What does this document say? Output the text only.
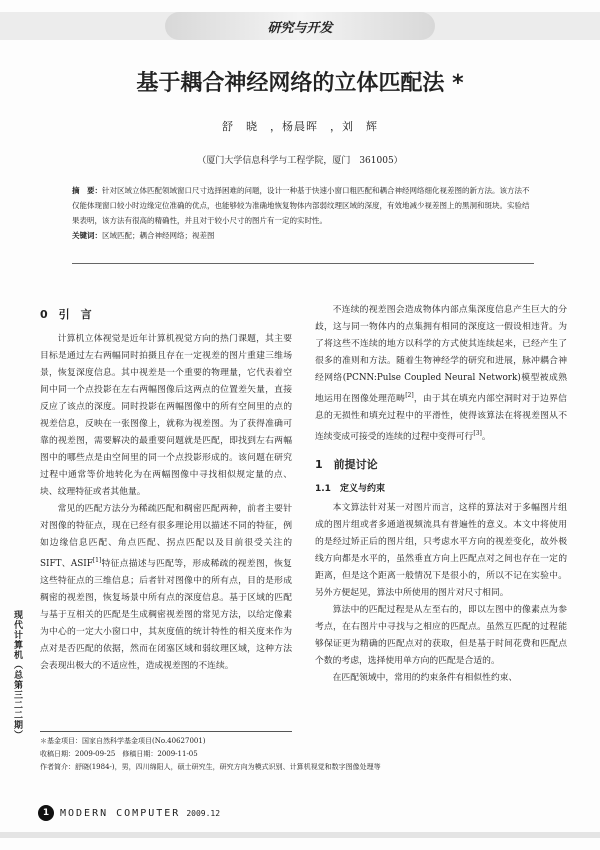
研究与开发
基于耦合神经网络的立体匹配法 *
舒　晓　，杨晨晖　，刘　辉
（厦门大学信息科学与工程学院，厦门　361005）
摘　要：针对区域立体匹配领域窗口尺寸选择困难的问题，设计一种基于快速小窗口粗匹配和耦合神经网络细化视差图的新方法。该方法不仅能体现窗口较小时边缘定位准确的优点，也能够较为准确地恢复物体内部弱纹理区域的深度，有效地减少视差图上的黑洞和斑块。实验结果表明，该方法有很高的精确性，并且对于较小尺寸的图片有一定的实时性。
关键词：区域匹配；耦合神经网络；视差图
0　引　言

计算机立体视觉是近年计算机视觉方向的热门课题，其主要目标是通过左右两幅同时拍摄且存在一定视差的图片重建三维场景，恢复深度信息。其中视差是一个重要的物理量，它代表着空间中同一个点投影在左右两幅图像后这两点的位置差矢量，直接反应了该点的深度。同时投影在两幅图像中的所有空间里的点的视差信息，反映在一张图像上，就称为视差图。为了获得准确可靠的视差图，需要解决的最重要问题就是匹配，即找到左右两幅图中的哪些点是由空间里的同一个点投影形成的。该问题在研究过程中通常等价地转化为在两幅图像中寻找相似规定量的点、块、纹理特征或者其他量。

常见的匹配方法分为稀疏匹配和稠密匹配两种，前者主要针对图像的特征点，现在已经有很多理论用以描述不同的特征，例如边缘信息匹配、角点匹配、拐点匹配以及目前很受关注的SIFT、ASIF[1]特征点描述与匹配等，形成稀疏的视差图，恢复这些特征点的三维信息；后者针对图像中的所有点，目的是形成稠密的视差图，恢复场景中所有点的深度信息。基于区域的匹配与基于互相关的匹配是生成稠密视差图的常见方法，以给定像素为中心的一定大小窗口中，其灰度值的统计特性的相关度来作为点对是否匹配的依据，然而在闭塞区域和弱纹理区域，这种方法会表现出极大的不适应性，造成视差图的不连续。

不连续的视差图会造成物体内部点集深度信息产生巨大的分歧，这与同一物体内的点集拥有相同的深度这一假设相违背。为了将这些不连续的地方以科学的方式使其连续起来，已经产生了很多的准则和方法。随着生物神经学的研究和进展，脉冲耦合神经网络(PCNN:Pulse Coupled Neural Network)模型被成熟地运用在图像处理范畴[2]，由于其在填充内部空洞时对于边界信息的无损性和填充过程中的平滑性，使得该算法在将视差图从不连续变成可接受的连续的过程中变得可行[3]。

1　前提讨论
1.1　定义与约束

本文算法针对某一对图片而言，这样的算法对于多幅图片组成的图片组或者多通道视频流具有普遍性的意义。本文中将使用的是经过矫正后的图片组，只考虑水平方向的视差变化，故外极线方向都是水平的，虽然垂直方向上匹配点对之间也存在一定的距离，但是这个距离一般情况下是很小的，所以不记在实验中。另外方便起见，算法中所使用的图片对尺寸相同。

算法中的匹配过程是从左至右的，即以左图中的像素点为参考点，在右图片中寻找与之相应的匹配点。虽然互匹配的过程能够保证更为精确的匹配点对的获取，但是基于时间花费和匹配点个数的考虑，选择使用单方向的匹配是合适的。

在匹配领域中，常用的约束条件有相似性约束、

＊基金项目：国家自然科学基金项目(No.40627001)
收稿日期：2009-09-25　修稿日期：2009-11-05
作者简介：舒晓(1984-)，男，四川绵阳人，硕士研究生，研究方向为模式识别、计算机视觉和数字图像处理等
现代计算机（总第三二二期）
1	MODERN COMPUTER 2009.12
